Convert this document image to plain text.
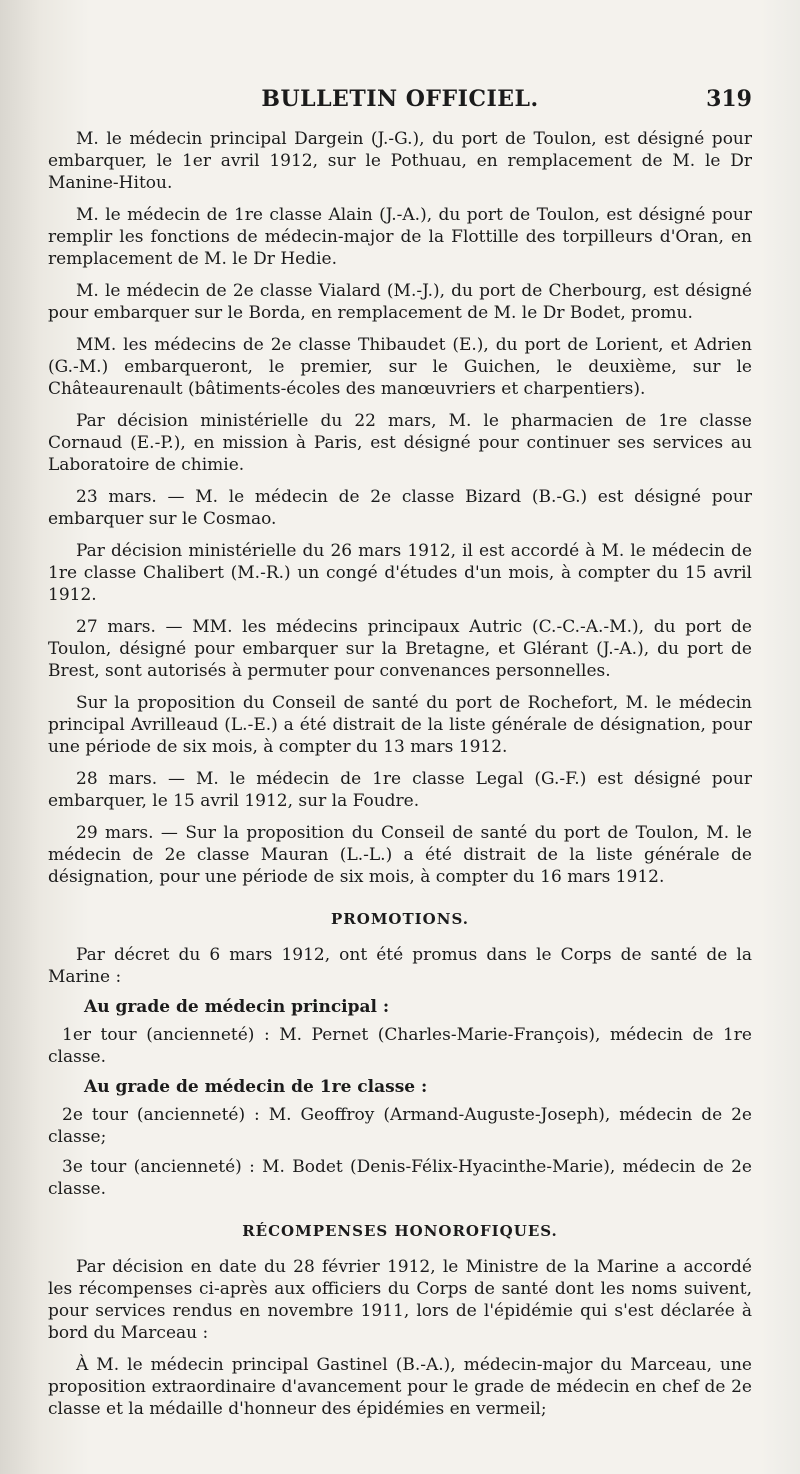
BULLETIN OFFICIEL.	319

M. le médecin principal Dargein (J.-G.), du port de Toulon, est désigné pour embarquer, le 1er avril 1912, sur le Pothuau, en remplacement de M. le Dr Manine-Hitou.

M. le médecin de 1re classe Alain (J.-A.), du port de Toulon, est désigné pour remplir les fonctions de médecin-major de la Flottille des torpilleurs d'Oran, en remplacement de M. le Dr Hedie.

M. le médecin de 2e classe Vialard (M.-J.), du port de Cherbourg, est désigné pour embarquer sur le Borda, en remplacement de M. le Dr Bodet, promu.

MM. les médecins de 2e classe Thibaudet (E.), du port de Lorient, et Adrien (G.-M.) embarqueront, le premier, sur le Guichen, le deuxième, sur le Châteaurenault (bâtiments-écoles des manœuvriers et charpentiers).

Par décision ministérielle du 22 mars, M. le pharmacien de 1re classe Cornaud (E.-P.), en mission à Paris, est désigné pour continuer ses services au Laboratoire de chimie.

23 mars. — M. le médecin de 2e classe Bizard (B.-G.) est désigné pour embarquer sur le Cosmao.

Par décision ministérielle du 26 mars 1912, il est accordé à M. le médecin de 1re classe Chalibert (M.-R.) un congé d'études d'un mois, à compter du 15 avril 1912.

27 mars. — MM. les médecins principaux Autric (C.-C.-A.-M.), du port de Toulon, désigné pour embarquer sur la Bretagne, et Glérant (J.-A.), du port de Brest, sont autorisés à permuter pour convenances personnelles.

Sur la proposition du Conseil de santé du port de Rochefort, M. le médecin principal Avrilleaud (L.-E.) a été distrait de la liste générale de désignation, pour une période de six mois, à compter du 13 mars 1912.

28 mars. — M. le médecin de 1re classe Legal (G.-F.) est désigné pour embarquer, le 15 avril 1912, sur la Foudre.

29 mars. — Sur la proposition du Conseil de santé du port de Toulon, M. le médecin de 2e classe Mauran (L.-L.) a été distrait de la liste générale de désignation, pour une période de six mois, à compter du 16 mars 1912.

PROMOTIONS.

Par décret du 6 mars 1912, ont été promus dans le Corps de santé de la Marine :

Au grade de médecin principal :

1er tour (ancienneté) : M. Pernet (Charles-Marie-François), médecin de 1re classe.

Au grade de médecin de 1re classe :

2e tour (ancienneté) : M. Geoffroy (Armand-Auguste-Joseph), médecin de 2e classe;

3e tour (ancienneté) : M. Bodet (Denis-Félix-Hyacinthe-Marie), médecin de 2e classe.

RÉCOMPENSES HONOROFIQUES.

Par décision en date du 28 février 1912, le Ministre de la Marine a accordé les récompenses ci-après aux officiers du Corps de santé dont les noms suivent, pour services rendus en novembre 1911, lors de l'épidémie qui s'est déclarée à bord du Marceau :

À M. le médecin principal Gastinel (B.-A.), médecin-major du Marceau, une proposition extraordinaire d'avancement pour le grade de médecin en chef de 2e classe et la médaille d'honneur des épidémies en vermeil;
